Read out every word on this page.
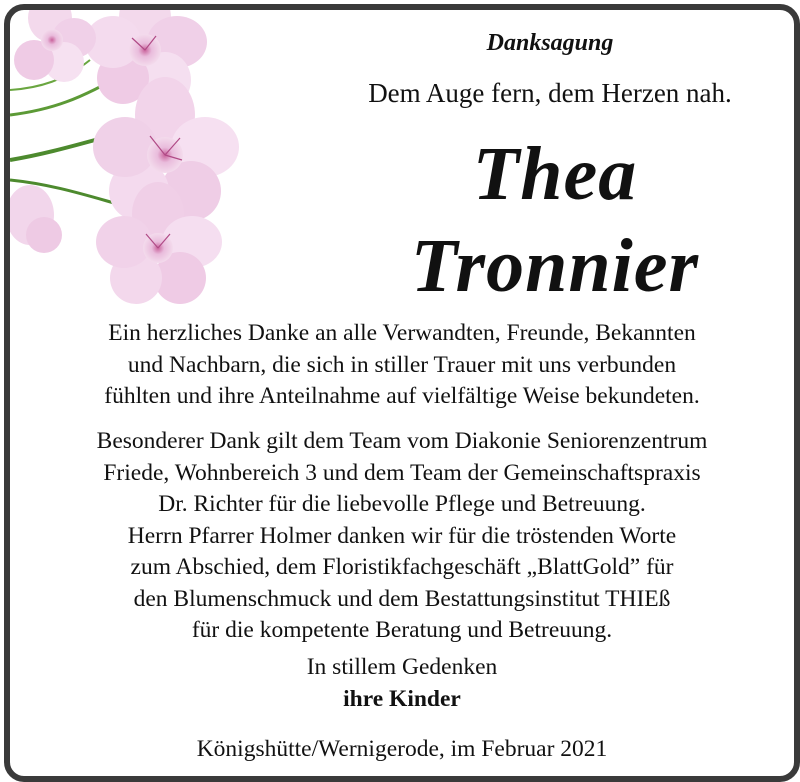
Danksagung
Dem Auge fern, dem Herzen nah.
Thea
Tronnier
Ein herzliches Danke an alle Verwandten, Freunde, Bekannten
und Nachbarn, die sich in stiller Trauer mit uns verbunden
fühlten und ihre Anteilnahme auf vielfältige Weise bekundeten.
Besonderer Dank gilt dem Team vom Diakonie Seniorenzentrum
Friede, Wohnbereich 3 und dem Team der Gemeinschaftspraxis
Dr. Richter für die liebevolle Pflege und Betreuung.
Herrn Pfarrer Holmer danken wir für die tröstenden Worte
zum Abschied, dem Floristikfachgeschäft „BlattGold” für
den Blumenschmuck und dem Bestattungsinstitut THIEß
für die kompetente Beratung und Betreuung.
In stillem Gedenken
ihre Kinder
Königshütte/Wernigerode, im Februar 2021
